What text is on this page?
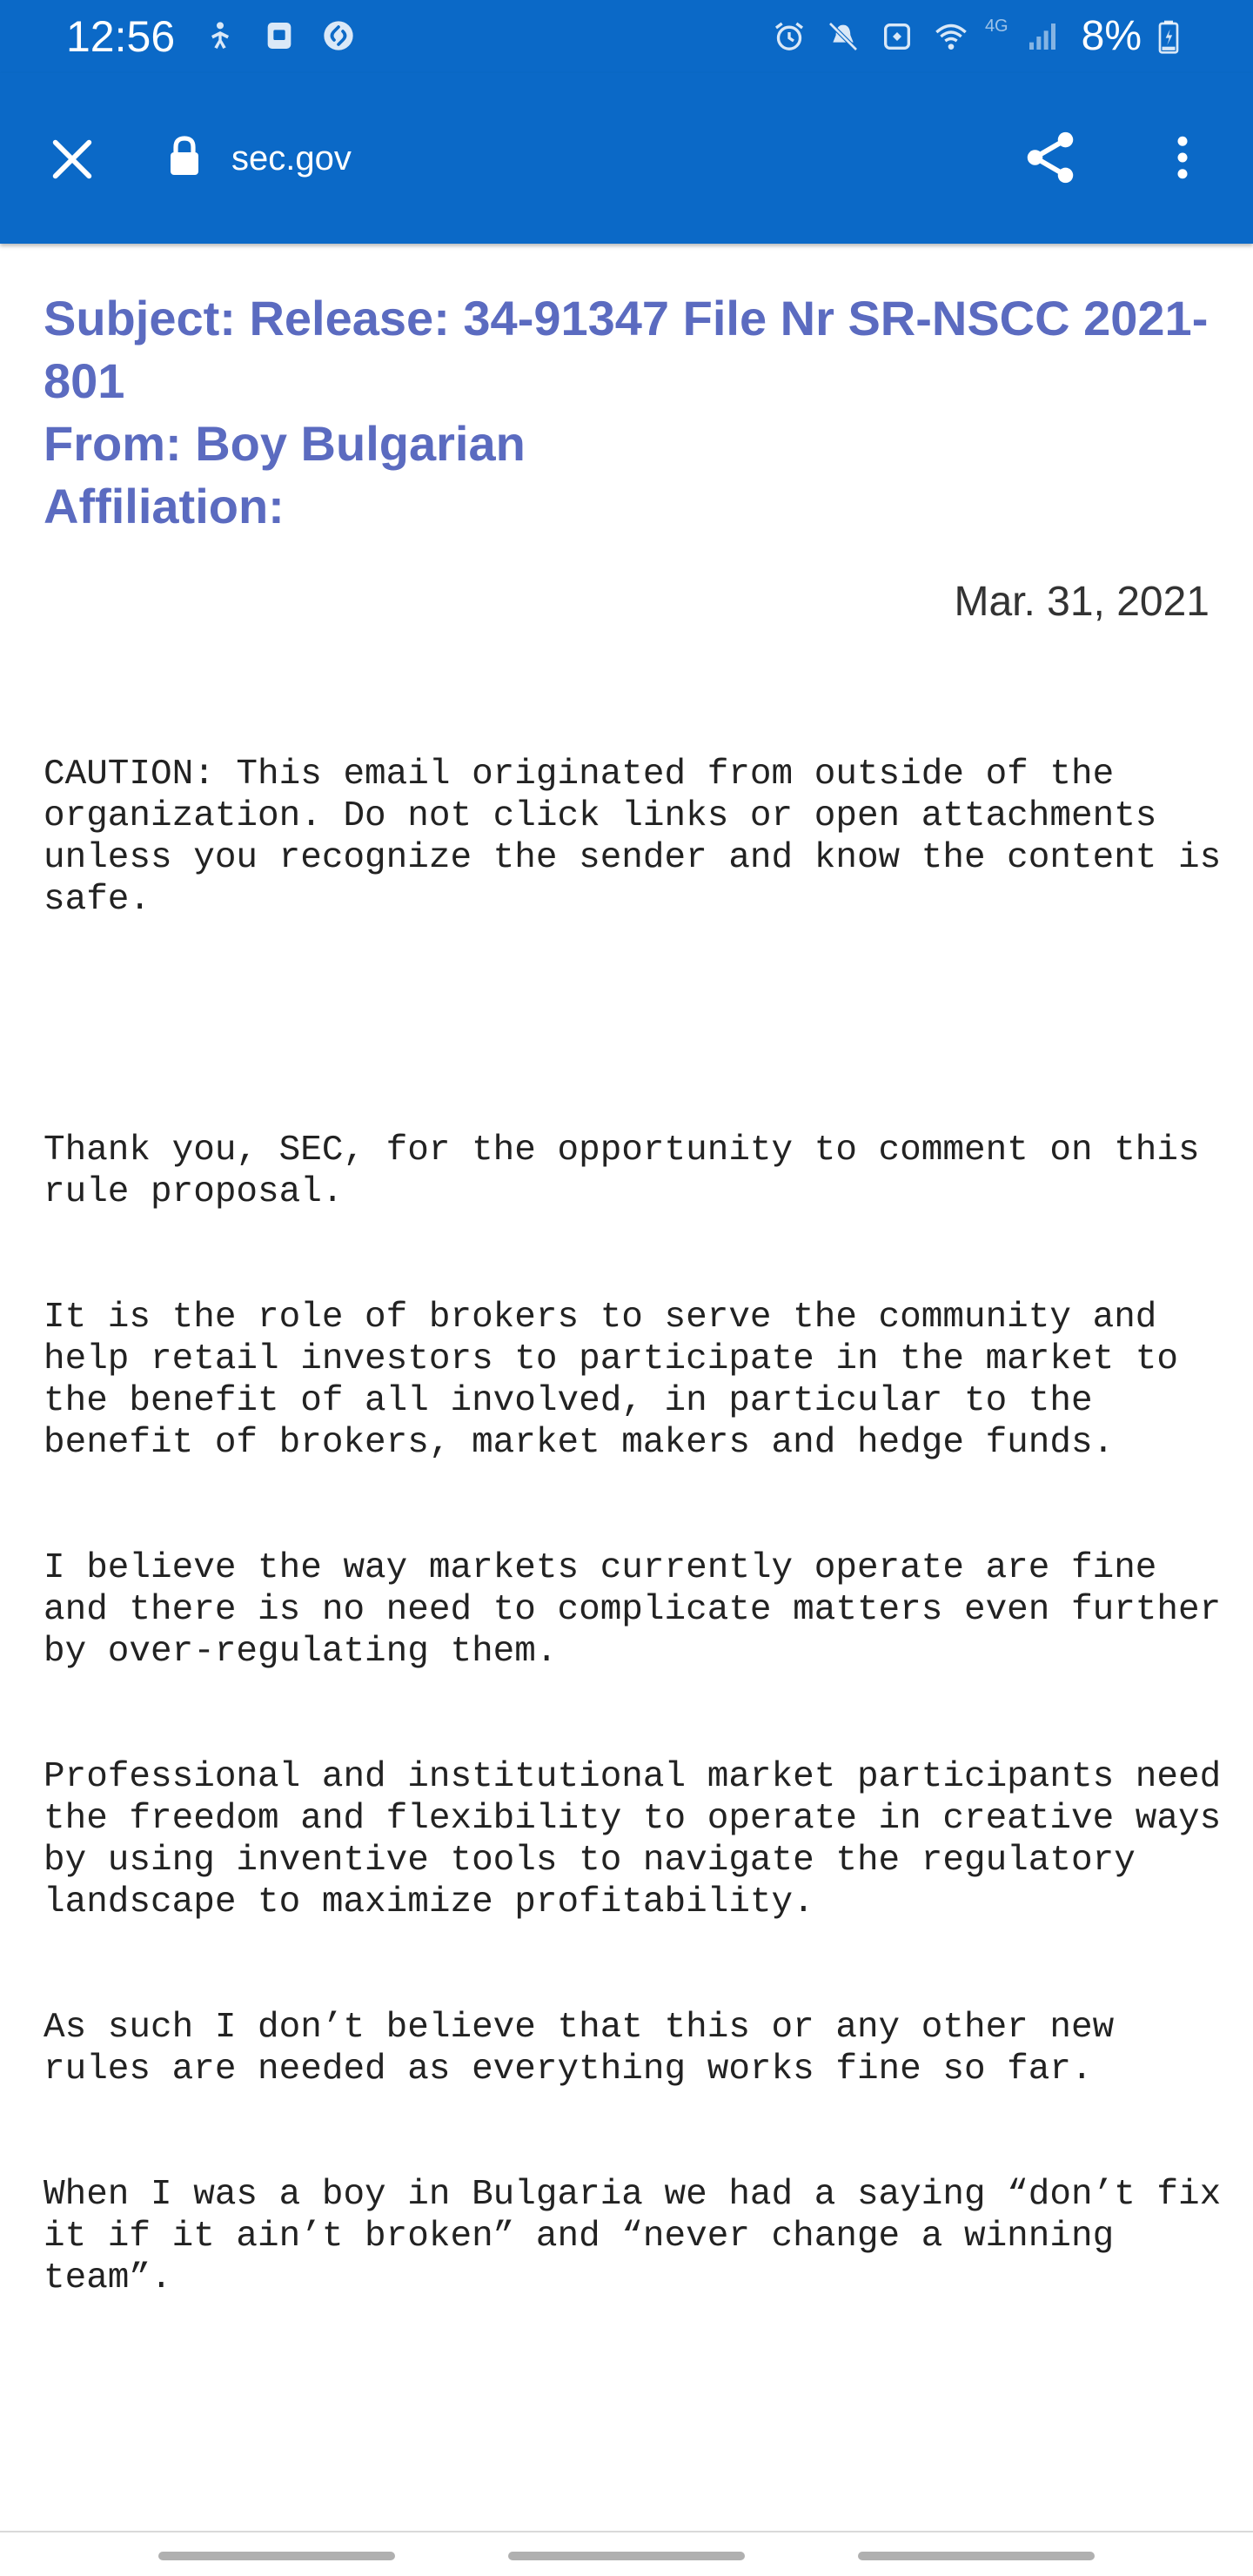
12:56	4G 8%
sec.gov
Subject: Release: 34-91347 File Nr SR-NSCC 2021-801
From: Boy Bulgarian
Affiliation:
Mar. 31, 2021

CAUTION: This email originated from outside of the organization. Do not click links or open attachments unless you recognize the sender and know the content is safe.

Thank you, SEC, for the opportunity to comment on this rule proposal.

It is the role of brokers to serve the community and help retail investors to participate in the market to the benefit of all involved, in particular to the benefit of brokers, market makers and hedge funds.

I believe the way markets currently operate are fine and there is no need to complicate matters even further by over-regulating them.

Professional and institutional market participants need the freedom and flexibility to operate in creative ways by using inventive tools to navigate the regulatory landscape to maximize profitability.

As such I don’t believe that this or any other new rules are needed as everything works fine so far.

When I was a boy in Bulgaria we had a saying “don’t fix it if it ain’t broken” and “never change a winning team”.
